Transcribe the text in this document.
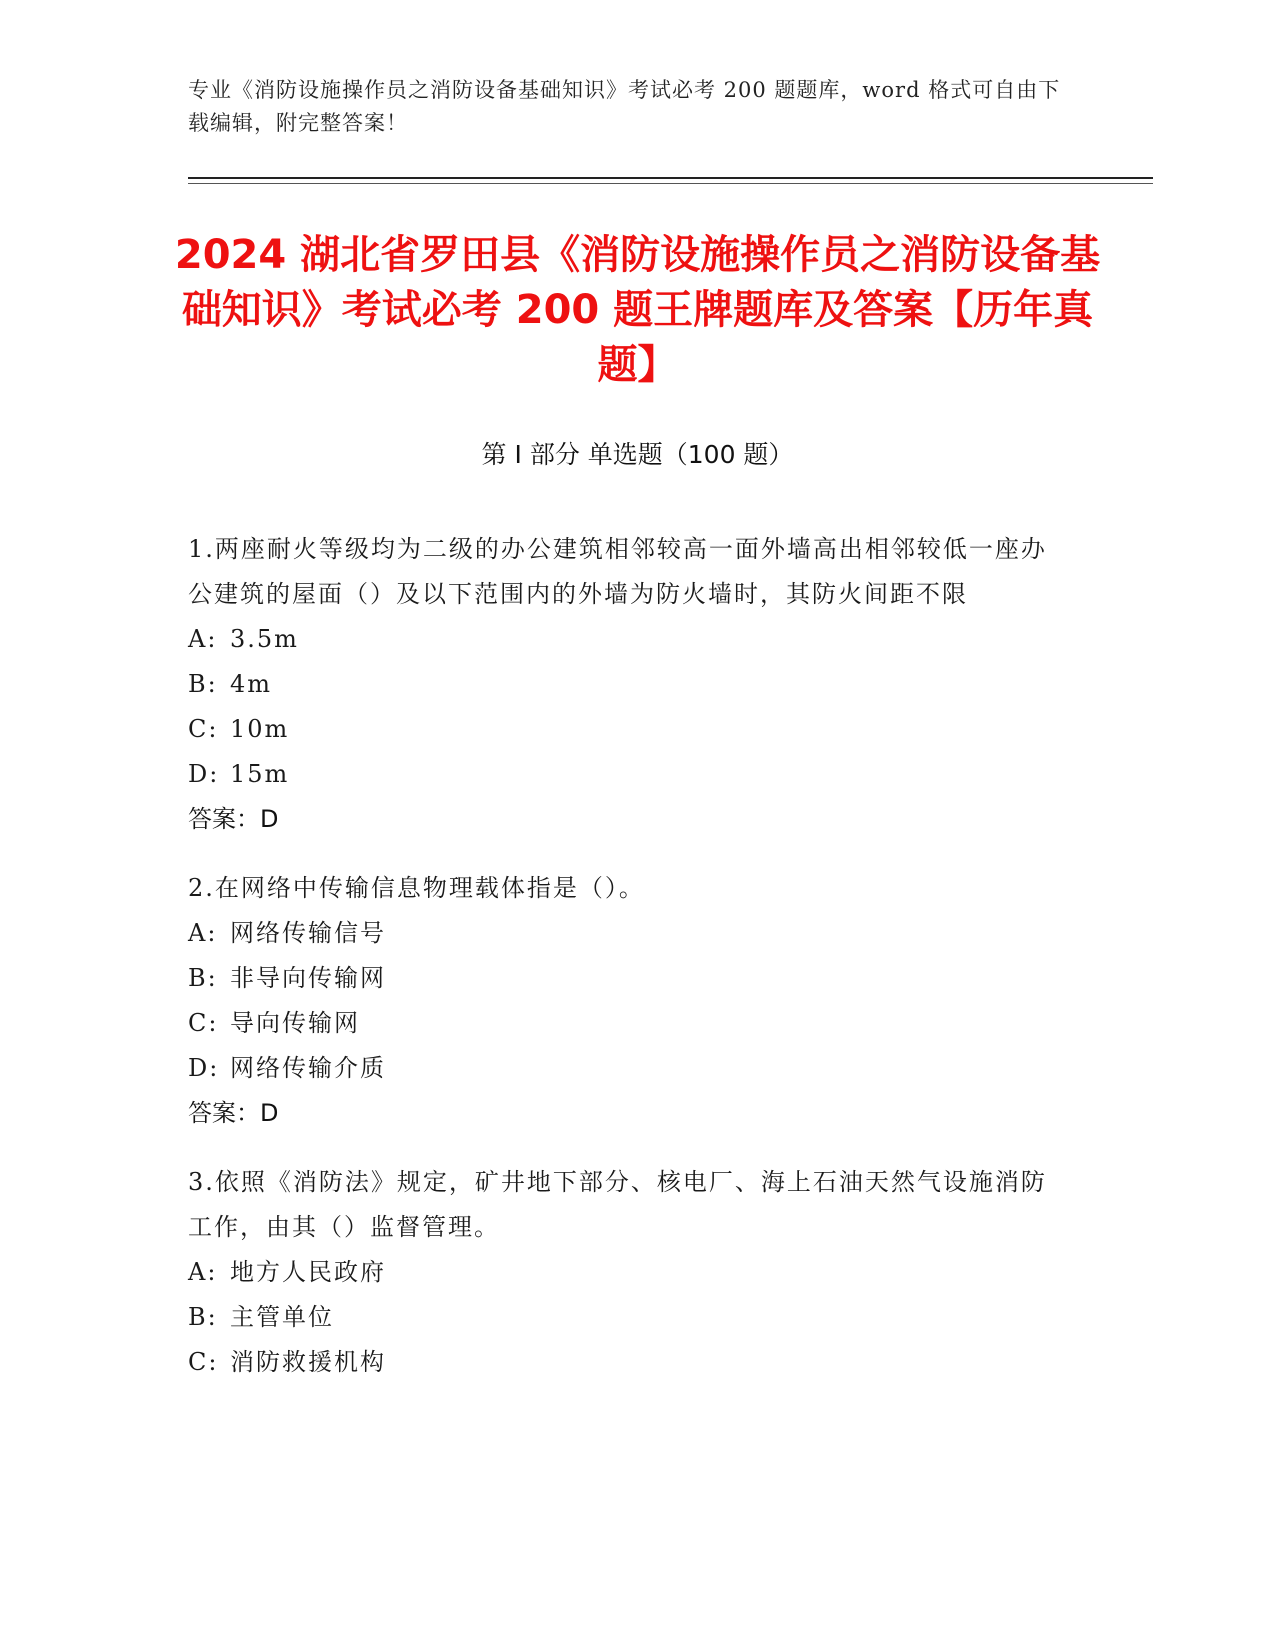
专业《消防设施操作员之消防设备基础知识》考试必考 200 题题库，word 格式可自由下载编辑，附完整答案！
2024 湖北省罗田县《消防设施操作员之消防设备基础知识》考试必考 200 题王牌题库及答案【历年真题】
第 I 部分 单选题（100 题）
1.两座耐火等级均为二级的办公建筑相邻较高一面外墙高出相邻较低一座办公建筑的屋面（）及以下范围内的外墙为防火墙时，其防火间距不限
A: 3.5m
B: 4m
C: 10m
D: 15m
答案：D
2.在网络中传输信息物理载体指是（）。
A: 网络传输信号
B: 非导向传输网
C: 导向传输网
D: 网络传输介质
答案：D
3.依照《消防法》规定，矿井地下部分、核电厂、海上石油天然气设施消防工作，由其（）监督管理。
A: 地方人民政府
B: 主管单位
C: 消防救援机构
